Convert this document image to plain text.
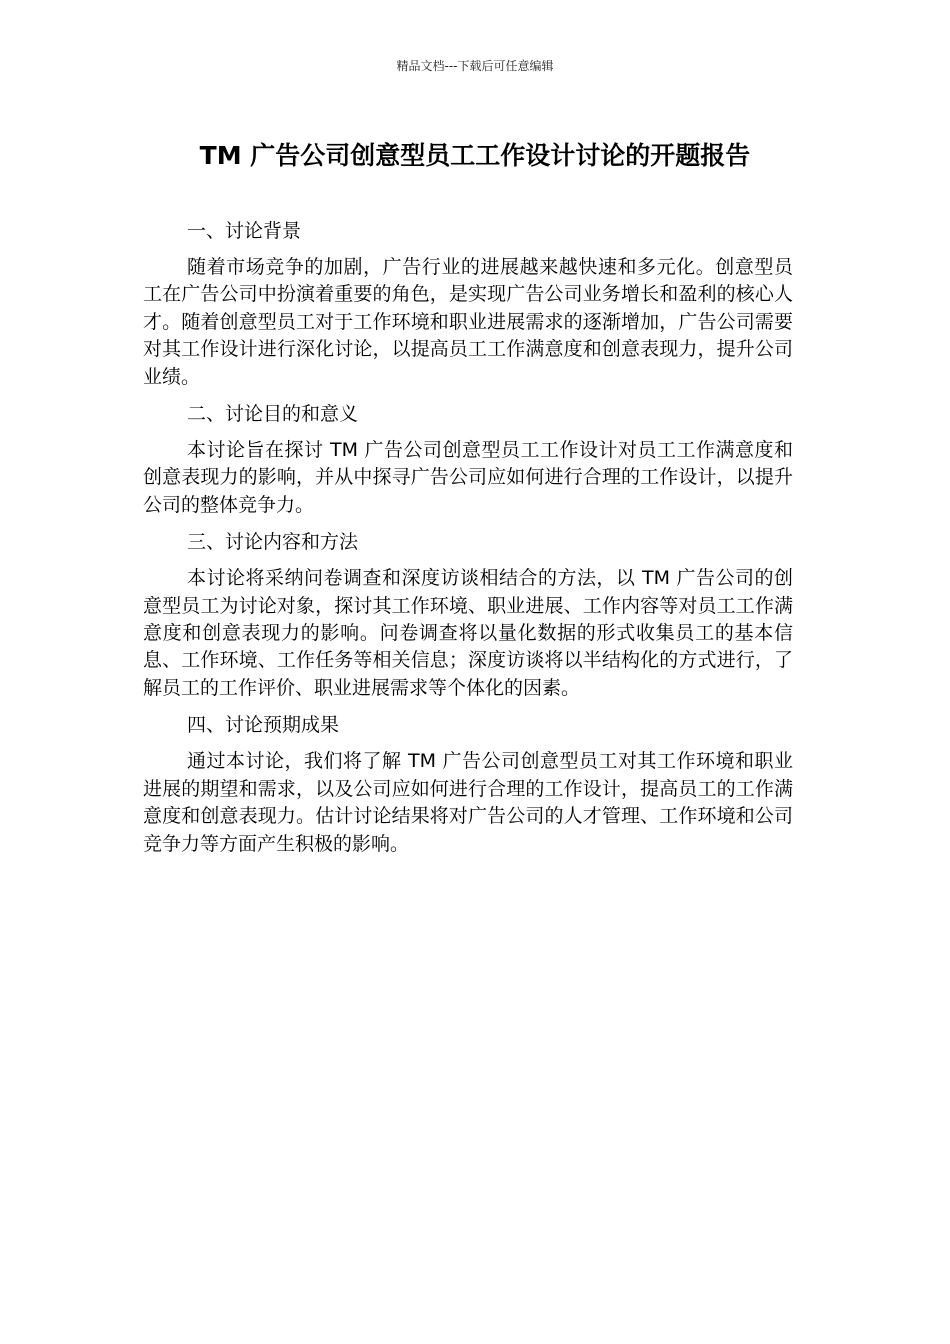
精品文档---下载后可任意编辑
TM 广告公司创意型员工工作设计讨论的开题报告
一、讨论背景

随着市场竞争的加剧，广告行业的进展越来越快速和多元化。创意型员工在广告公司中扮演着重要的角色，是实现广告公司业务增长和盈利的核心人才。随着创意型员工对于工作环境和职业进展需求的逐渐增加，广告公司需要对其工作设计进行深化讨论，以提高员工工作满意度和创意表现力，提升公司业绩。

二、讨论目的和意义

本讨论旨在探讨 TM 广告公司创意型员工工作设计对员工工作满意度和创意表现力的影响，并从中探寻广告公司应如何进行合理的工作设计，以提升公司的整体竞争力。

三、讨论内容和方法

本讨论将采纳问卷调查和深度访谈相结合的方法，以 TM 广告公司的创意型员工为讨论对象，探讨其工作环境、职业进展、工作内容等对员工工作满意度和创意表现力的影响。问卷调查将以量化数据的形式收集员工的基本信息、工作环境、工作任务等相关信息；深度访谈将以半结构化的方式进行，了解员工的工作评价、职业进展需求等个体化的因素。

四、讨论预期成果

通过本讨论，我们将了解 TM 广告公司创意型员工对其工作环境和职业进展的期望和需求，以及公司应如何进行合理的工作设计，提高员工的工作满意度和创意表现力。估计讨论结果将对广告公司的人才管理、工作环境和公司竞争力等方面产生积极的影响。
